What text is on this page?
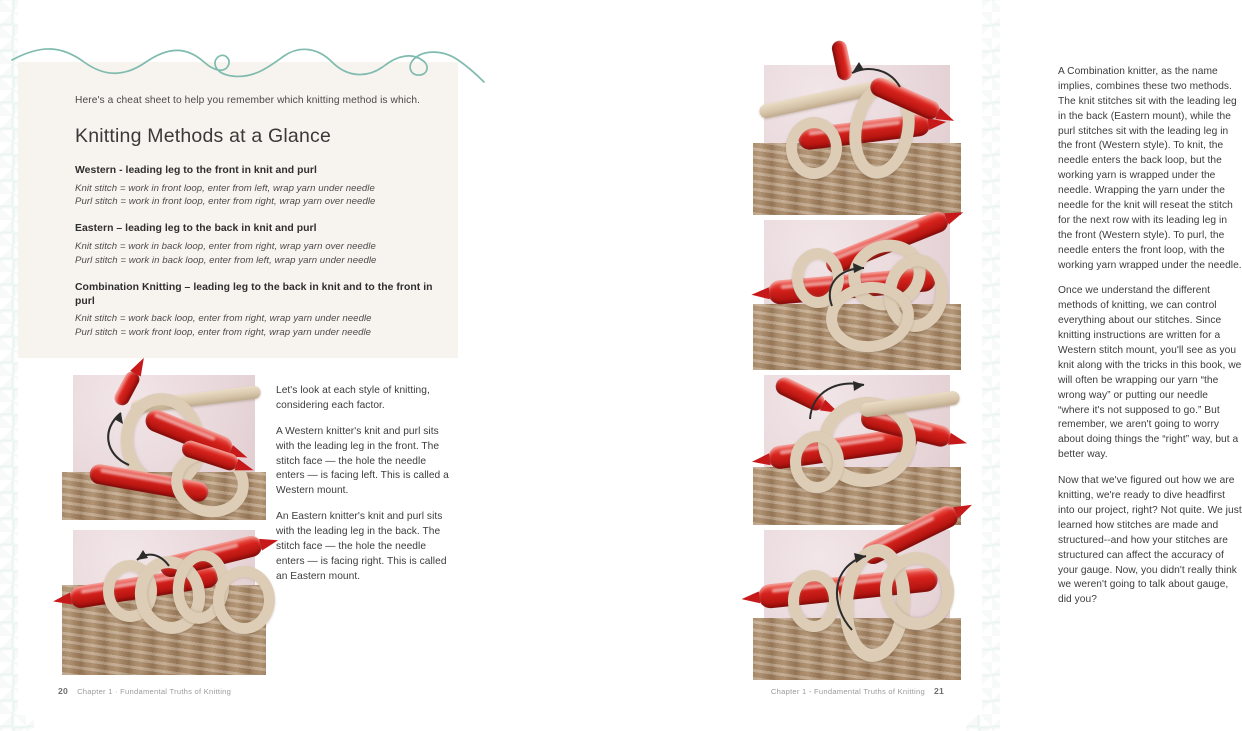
Here's a cheat sheet to help you remember which knitting method is which.
Knitting Methods at a Glance
Western - leading leg to the front in knit and purl
Knit stitch = work in front loop, enter from left, wrap yarn under needle
Purl stitch = work in front loop, enter from right, wrap yarn over needle
Eastern – leading leg to the back in knit and purl
Knit stitch = work in back loop, enter from right, wrap yarn over needle
Purl stitch = work in back loop, enter from left, wrap yarn under needle
Combination Knitting – leading leg to the back in knit and to the front in purl
Knit stitch = work back loop, enter from right, wrap yarn under needle
Purl stitch = work front loop, enter from right, wrap yarn under needle

Let's look at each style of knitting, considering each factor.

A Western knitter's knit and purl sits with the leading leg in the front. The stitch face — the hole the needle enters — is facing left. This is called a Western mount.

An Eastern knitter's knit and purl sits with the leading leg in the back. The stitch face — the hole the needle enters — is facing right. This is called an Eastern mount.

20 Chapter 1 · Fundamental Truths of Knitting

A Combination knitter, as the name implies, combines these two methods. The knit stitches sit with the leading leg in the back (Eastern mount), while the purl stitches sit with the leading leg in the front (Western style). To knit, the needle enters the back loop, but the working yarn is wrapped under the needle. Wrapping the yarn under the needle for the knit will reseat the stitch for the next row with its leading leg in the front (Western style). To purl, the needle enters the front loop, with the working yarn wrapped under the needle.

Once we understand the different methods of knitting, we can control everything about our stitches. Since knitting instructions are written for a Western stitch mount, you'll see as you knit along with the tricks in this book, we will often be wrapping our yarn “the wrong way” or putting our needle “where it's not supposed to go.” But remember, we aren't going to worry about doing things the “right” way, but a better way.

Now that we've figured out how we are knitting, we're ready to dive headfirst into our project, right? Not quite. We just learned how stitches are made and structured--and how your stitches are structured can affect the accuracy of your gauge. Now, you didn't really think we weren't going to talk about gauge, did you?

Chapter 1 - Fundamental Truths of Knitting 21
